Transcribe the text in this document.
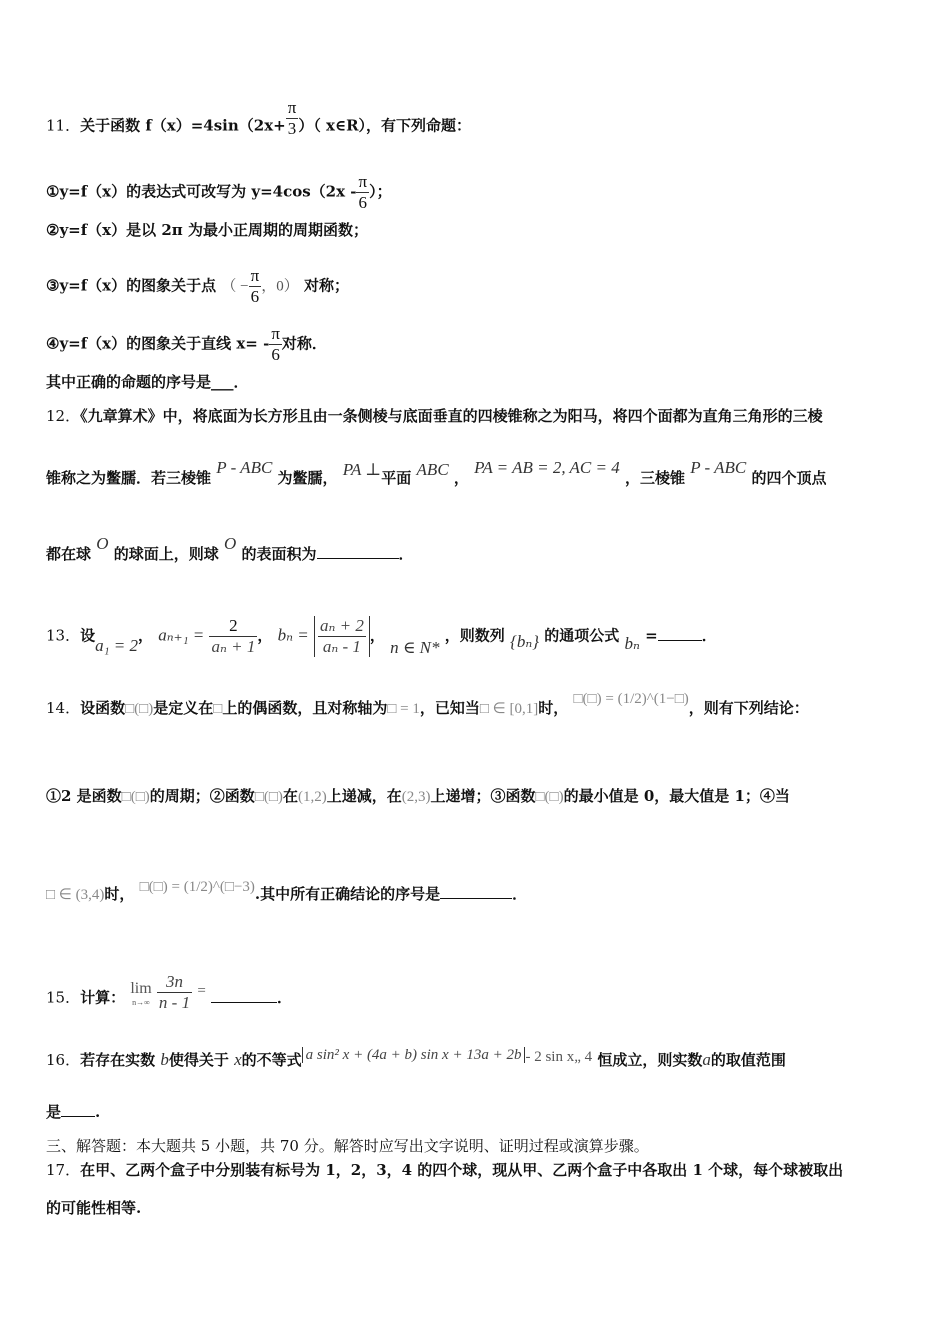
11．关于函数 $f(x)=4\sin(2x+ \frac{\pi}{3}$ ）（ x∈R），有下列命题：
①y=f（x）的表达式可改写为 $y=4\cos(2x - \frac{\pi}{6}$ ）；
②y=f（x）是以 2π 为最小正周期的周期函数；
③y=f（x）的图象关于点 （ − $\frac{\pi}{6}$ ，0） 对称；
④y=f（x）的图象关于直线 $x= - \frac{\pi}{6}$ 对称．
其中正确的命题的序号是___．
12．《九章算术》中，将底面为长方形且由一条侧棱与底面垂直的四棱锥称之为阳马，将四个面都为直角三角形的三棱
锥称之为鳖臑．若三棱锥 P - ABC 为鳖臑， PA ⊥平面 ABC ， PA = AB = 2, AC = 4 ，三棱锥 P - ABC 的四个顶点
都在球 O 的球面上，则球 O 的表面积为	．
13．设a₁ = 2， $a_{n+1} = \frac{2}{\text{aₙ + 1}}$ ， $b_n = \frac{\text{aₙ + 2}}{\text{aₙ - 1}}$ ， n ∈ N* ，则数列 {bₙ} 的通项公式 bₙ =	．
14．设函数□(□)是定义在□上的偶函数，且对称轴为□ = 1，已知当□ ∈ [0,1]时， □(□) = (1/2)^(1−□)，则有下列结论：
①2 是函数□(□)的周期；②函数□(□)在(1,2)上递减，在(2,3)上递增；③函数□(□)的最小值是 0，最大值是 1；④当
□ ∈ (3,4)时， □(□) = (1/2)^(□−3).其中所有正确结论的序号是	．
15．计算：
lim
n→∞
$\frac{3n}{n - 1}$ =	．
16．若存在实数 b使得关于 x的不等式 a sin² x + (4a + b) sin x + 13a + 2b - 2 sin x„ 4 恒成立，则实数a的取值范围
是 .
三、解答题：本大题共 5 小题，共 70 分。解答时应写出文字说明、证明过程或演算步骤。
17．在甲、乙两个盒子中分别装有标号为 1，2，3，4 的四个球，现从甲、乙两个盒子中各取出 1 个球，每个球被取出
的可能性相等.
